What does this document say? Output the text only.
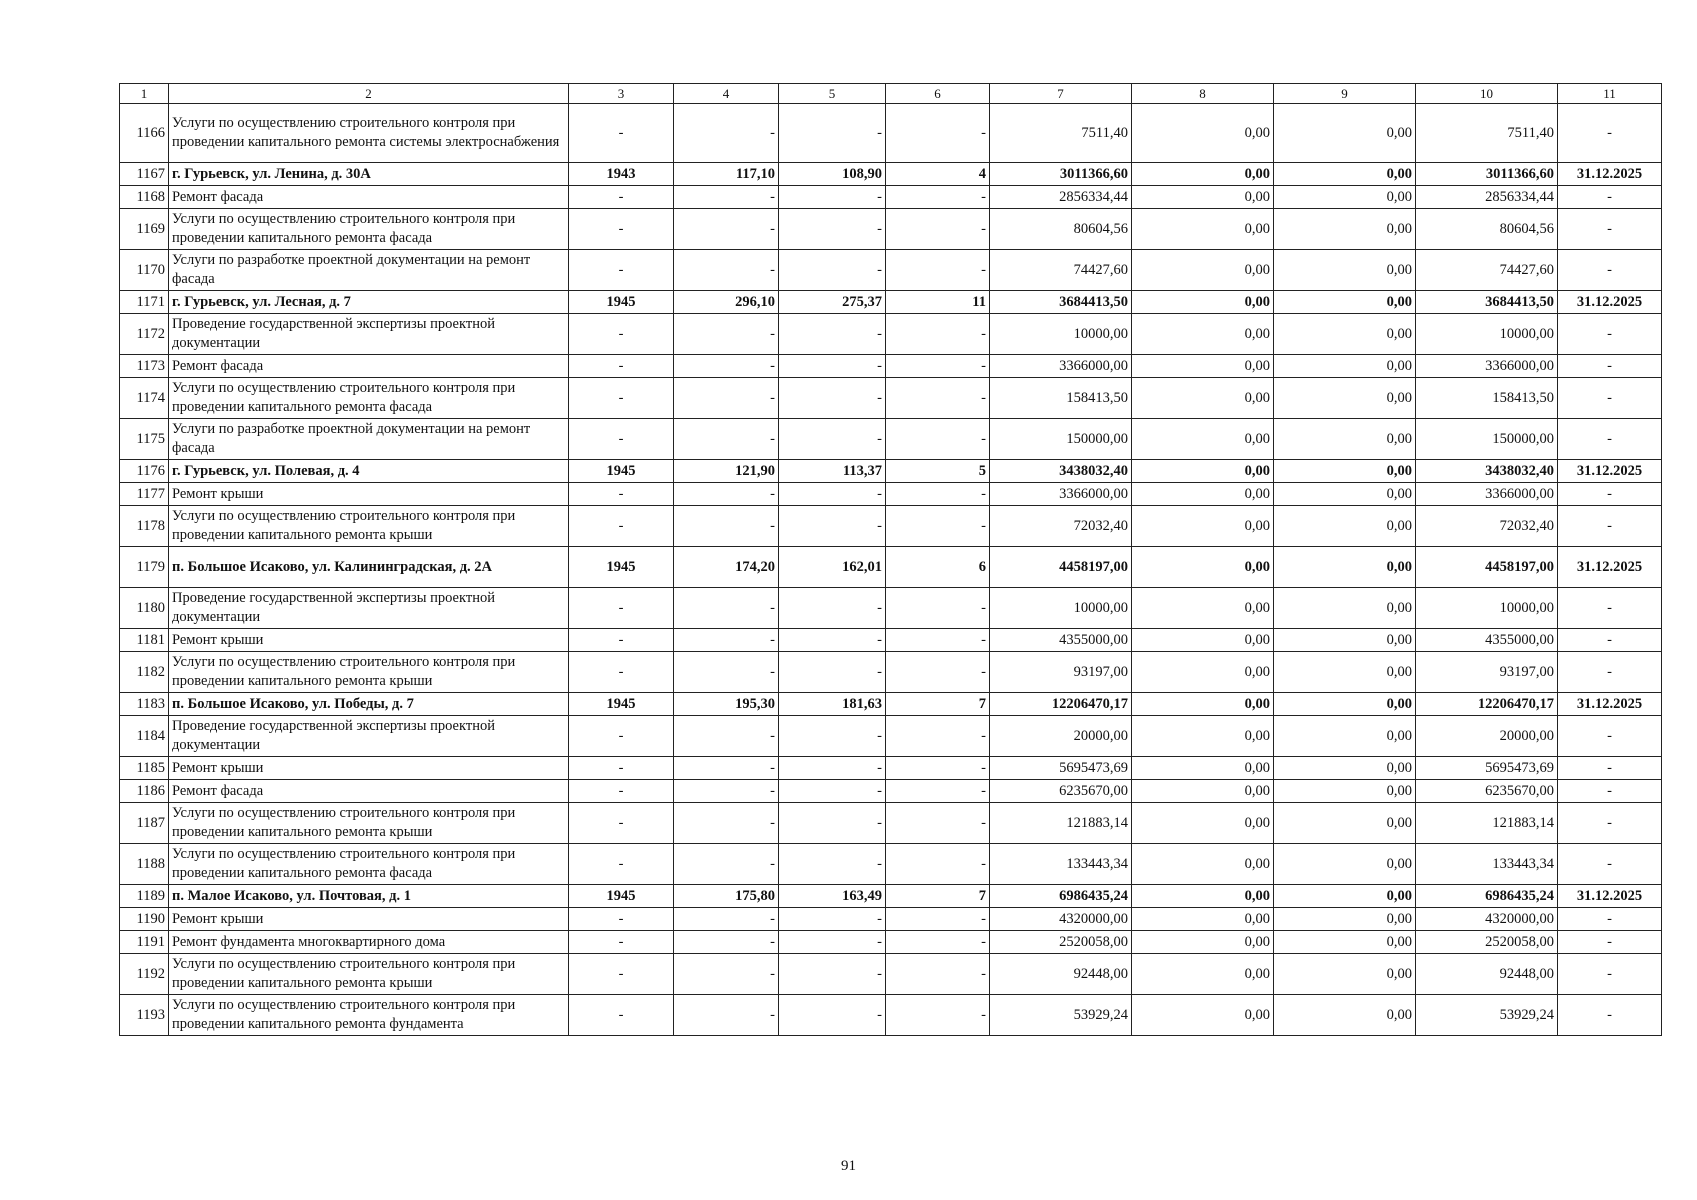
1	2	3	4	5	6	7	8	9	10	11
1166	Услуги по осуществлению строительного контроля при проведении капитального ремонта системы электроснабжения	-	-	-	-	7511,40	0,00	0,00	7511,40	-
1167	г. Гурьевск, ул. Ленина, д. 30А	1943	117,10	108,90	4	3011366,60	0,00	0,00	3011366,60	31.12.2025
1168	Ремонт фасада	-	-	-	-	2856334,44	0,00	0,00	2856334,44	-
1169	Услуги по осуществлению строительного контроля при проведении капитального ремонта фасада	-	-	-	-	80604,56	0,00	0,00	80604,56	-
1170	Услуги по разработке проектной документации на ремонт фасада	-	-	-	-	74427,60	0,00	0,00	74427,60	-
1171	г. Гурьевск, ул. Лесная, д. 7	1945	296,10	275,37	11	3684413,50	0,00	0,00	3684413,50	31.12.2025
1172	Проведение государственной экспертизы проектной документации	-	-	-	-	10000,00	0,00	0,00	10000,00	-
1173	Ремонт фасада	-	-	-	-	3366000,00	0,00	0,00	3366000,00	-
1174	Услуги по осуществлению строительного контроля при проведении капитального ремонта фасада	-	-	-	-	158413,50	0,00	0,00	158413,50	-
1175	Услуги по разработке проектной документации на ремонт фасада	-	-	-	-	150000,00	0,00	0,00	150000,00	-
1176	г. Гурьевск, ул. Полевая, д. 4	1945	121,90	113,37	5	3438032,40	0,00	0,00	3438032,40	31.12.2025
1177	Ремонт крыши	-	-	-	-	3366000,00	0,00	0,00	3366000,00	-
1178	Услуги по осуществлению строительного контроля при проведении капитального ремонта крыши	-	-	-	-	72032,40	0,00	0,00	72032,40	-
1179	п. Большое Исаково, ул. Калининградская, д. 2А	1945	174,20	162,01	6	4458197,00	0,00	0,00	4458197,00	31.12.2025
1180	Проведение государственной экспертизы проектной документации	-	-	-	-	10000,00	0,00	0,00	10000,00	-
1181	Ремонт крыши	-	-	-	-	4355000,00	0,00	0,00	4355000,00	-
1182	Услуги по осуществлению строительного контроля при проведении капитального ремонта крыши	-	-	-	-	93197,00	0,00	0,00	93197,00	-
1183	п. Большое Исаково, ул. Победы, д. 7	1945	195,30	181,63	7	12206470,17	0,00	0,00	12206470,17	31.12.2025
1184	Проведение государственной экспертизы проектной документации	-	-	-	-	20000,00	0,00	0,00	20000,00	-
1185	Ремонт крыши	-	-	-	-	5695473,69	0,00	0,00	5695473,69	-
1186	Ремонт фасада	-	-	-	-	6235670,00	0,00	0,00	6235670,00	-
1187	Услуги по осуществлению строительного контроля при проведении капитального ремонта крыши	-	-	-	-	121883,14	0,00	0,00	121883,14	-
1188	Услуги по осуществлению строительного контроля при проведении капитального ремонта фасада	-	-	-	-	133443,34	0,00	0,00	133443,34	-
1189	п. Малое Исаково, ул. Почтовая, д. 1	1945	175,80	163,49	7	6986435,24	0,00	0,00	6986435,24	31.12.2025
1190	Ремонт крыши	-	-	-	-	4320000,00	0,00	0,00	4320000,00	-
1191	Ремонт фундамента многоквартирного дома	-	-	-	-	2520058,00	0,00	0,00	2520058,00	-
1192	Услуги по осуществлению строительного контроля при проведении капитального ремонта крыши	-	-	-	-	92448,00	0,00	0,00	92448,00	-
1193	Услуги по осуществлению строительного контроля при проведении капитального ремонта фундамента	-	-	-	-	53929,24	0,00	0,00	53929,24	-
91
